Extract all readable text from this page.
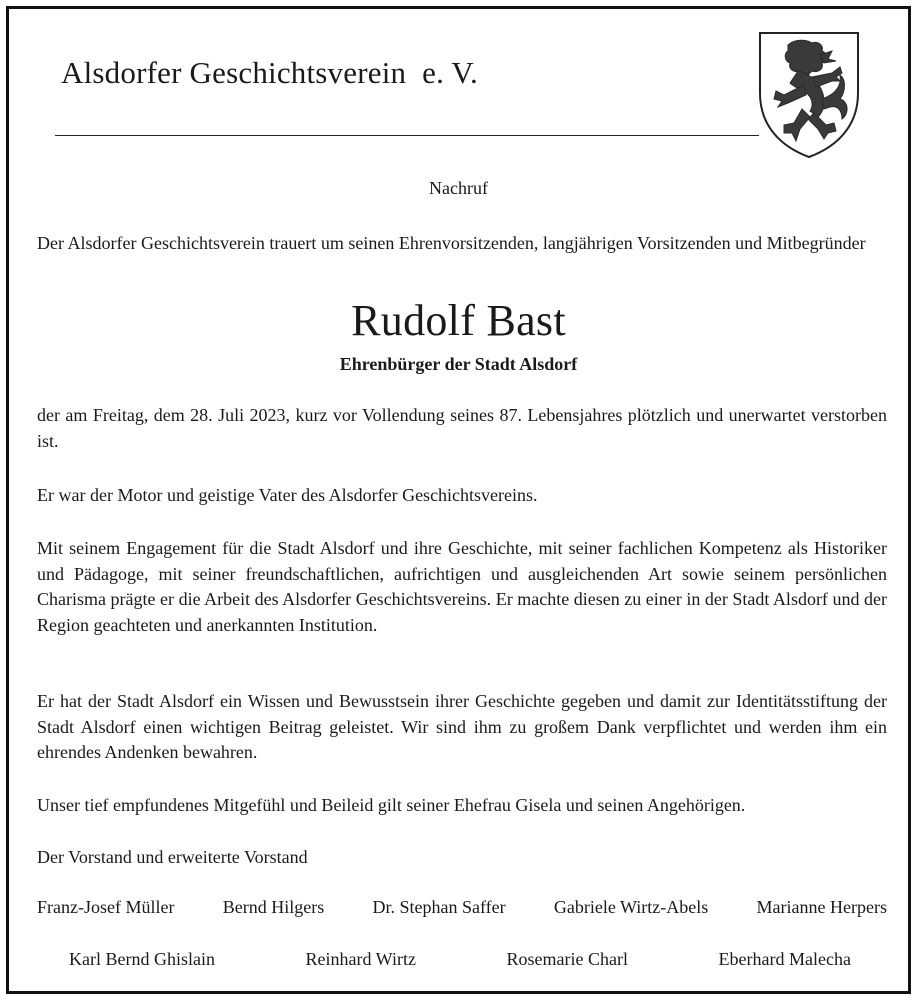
Alsdorfer Geschichtsverein  e. V.
Nachruf
Der Alsdorfer Geschichtsverein trauert um seinen Ehrenvorsitzenden, langjährigen Vorsitzenden und Mitbegründer
Rudolf Bast
Ehrenbürger der Stadt Alsdorf
der am Freitag, dem 28. Juli 2023, kurz vor Vollendung seines 87. Lebensjahres plötzlich und unerwartet verstorben ist.
Er war der Motor und geistige Vater des Alsdorfer Geschichtsvereins.
Mit seinem Engagement für die Stadt Alsdorf und ihre Geschichte, mit seiner fachlichen Kompetenz als Historiker und Pädagoge, mit seiner freundschaftlichen, aufrichtigen und ausgleichenden Art sowie seinem persönlichen Charisma prägte er die Arbeit des Alsdorfer Geschichtsvereins. Er machte diesen zu einer in der Stadt Alsdorf und der Region geachteten und anerkannten Institution.
Er hat der Stadt Alsdorf ein Wissen und Bewusstsein ihrer Geschichte gegeben und damit zur Identitätsstiftung der Stadt Alsdorf einen wichtigen Beitrag geleistet. Wir sind ihm zu großem Dank verpflichtet und werden ihm ein ehrendes Andenken bewahren.
Unser tief empfundenes Mitgefühl und Beileid gilt seiner Ehefrau Gisela und seinen Angehörigen.
Der Vorstand und erweiterte Vorstand
Franz-Josef Müller	Bernd Hilgers	Dr. Stephan Saffer	Gabriele Wirtz-Abels	Marianne Herpers
Karl Bernd Ghislain	Reinhard Wirtz	Rosemarie Charl	Eberhard Malecha
